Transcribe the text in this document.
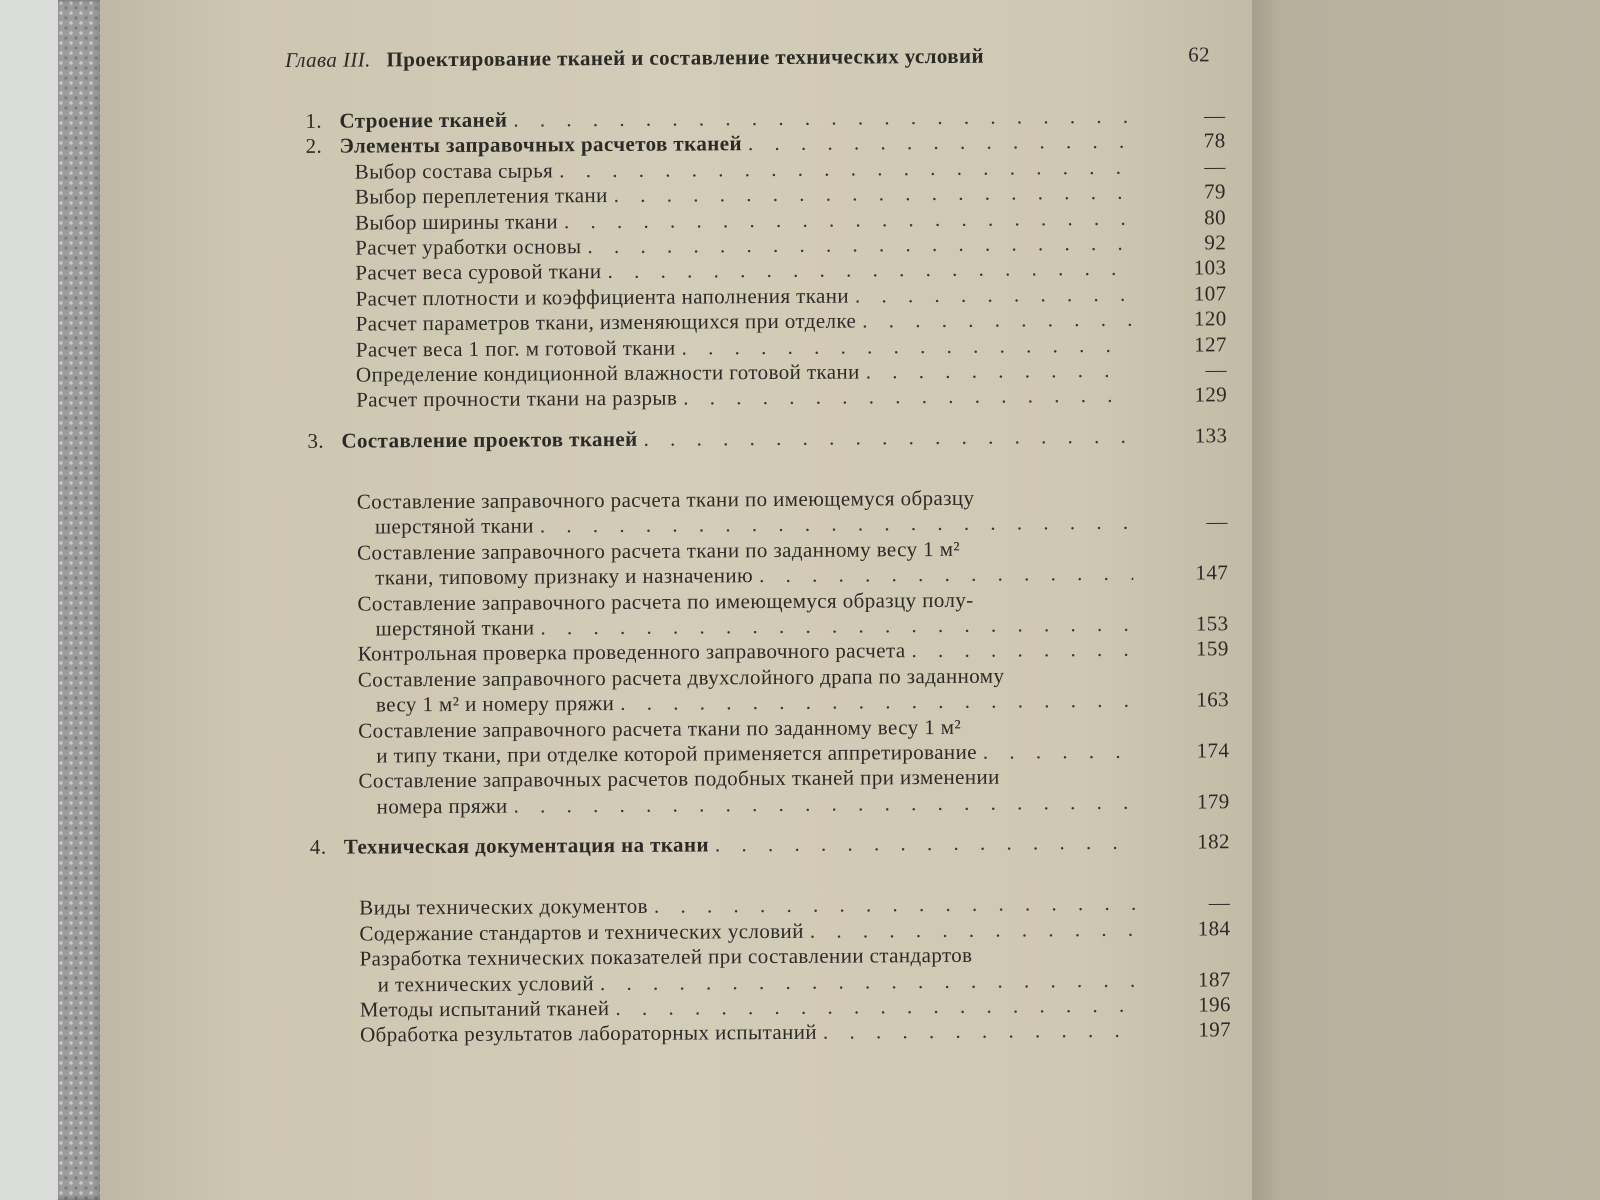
Глава III. Проектирование тканей и составление технических условий	62
1. Строение тканей . . .	—
2. Элементы заправочных расчетов тканей . . .	78
Выбор состава сырья . . .	—
Выбор переплетения ткани . . .	79
Выбор ширины ткани . . .	80
Расчет уработки основы . . .	92
Расчет веса суровой ткани . . .	103
Расчет плотности и коэффициента наполнения ткани . . .	107
Расчет параметров ткани, изменяющихся при отделке . . .	120
Расчет веса 1 пог. м готовой ткани . . .	127
Определение кондиционной влажности готовой ткани . . .	—
Расчет прочности ткани на разрыв . . .	129
3. Составление проектов тканей . . .	133
Составление заправочного расчета ткани по имеющемуся образцу
шерстяной ткани . . .	—
Составление заправочного расчета ткани по заданному весу 1 м²
ткани, типовому признаку и назначению . . .	147
Составление заправочного расчета по имеющемуся образцу полу-
шерстяной ткани . . .	153
Контрольная проверка проведенного заправочного расчета . . .	159
Составление заправочного расчета двухслойного драпа по заданному
весу 1 м² и номеру пряжи . . .	163
Составление заправочного расчета ткани по заданному весу 1 м²
и типу ткани, при отделке которой применяется аппретирование . . .	174
Составление заправочных расчетов подобных тканей при изменении
номера пряжи . . .	179
4. Техническая документация на ткани . . .	182
Виды технических документов . . .	—
Содержание стандартов и технических условий . . .	184
Разработка технических показателей при составлении стандартов
и технических условий . . .	187
Методы испытаний тканей . . .	196
Обработка результатов лабораторных испытаний . . .	197
